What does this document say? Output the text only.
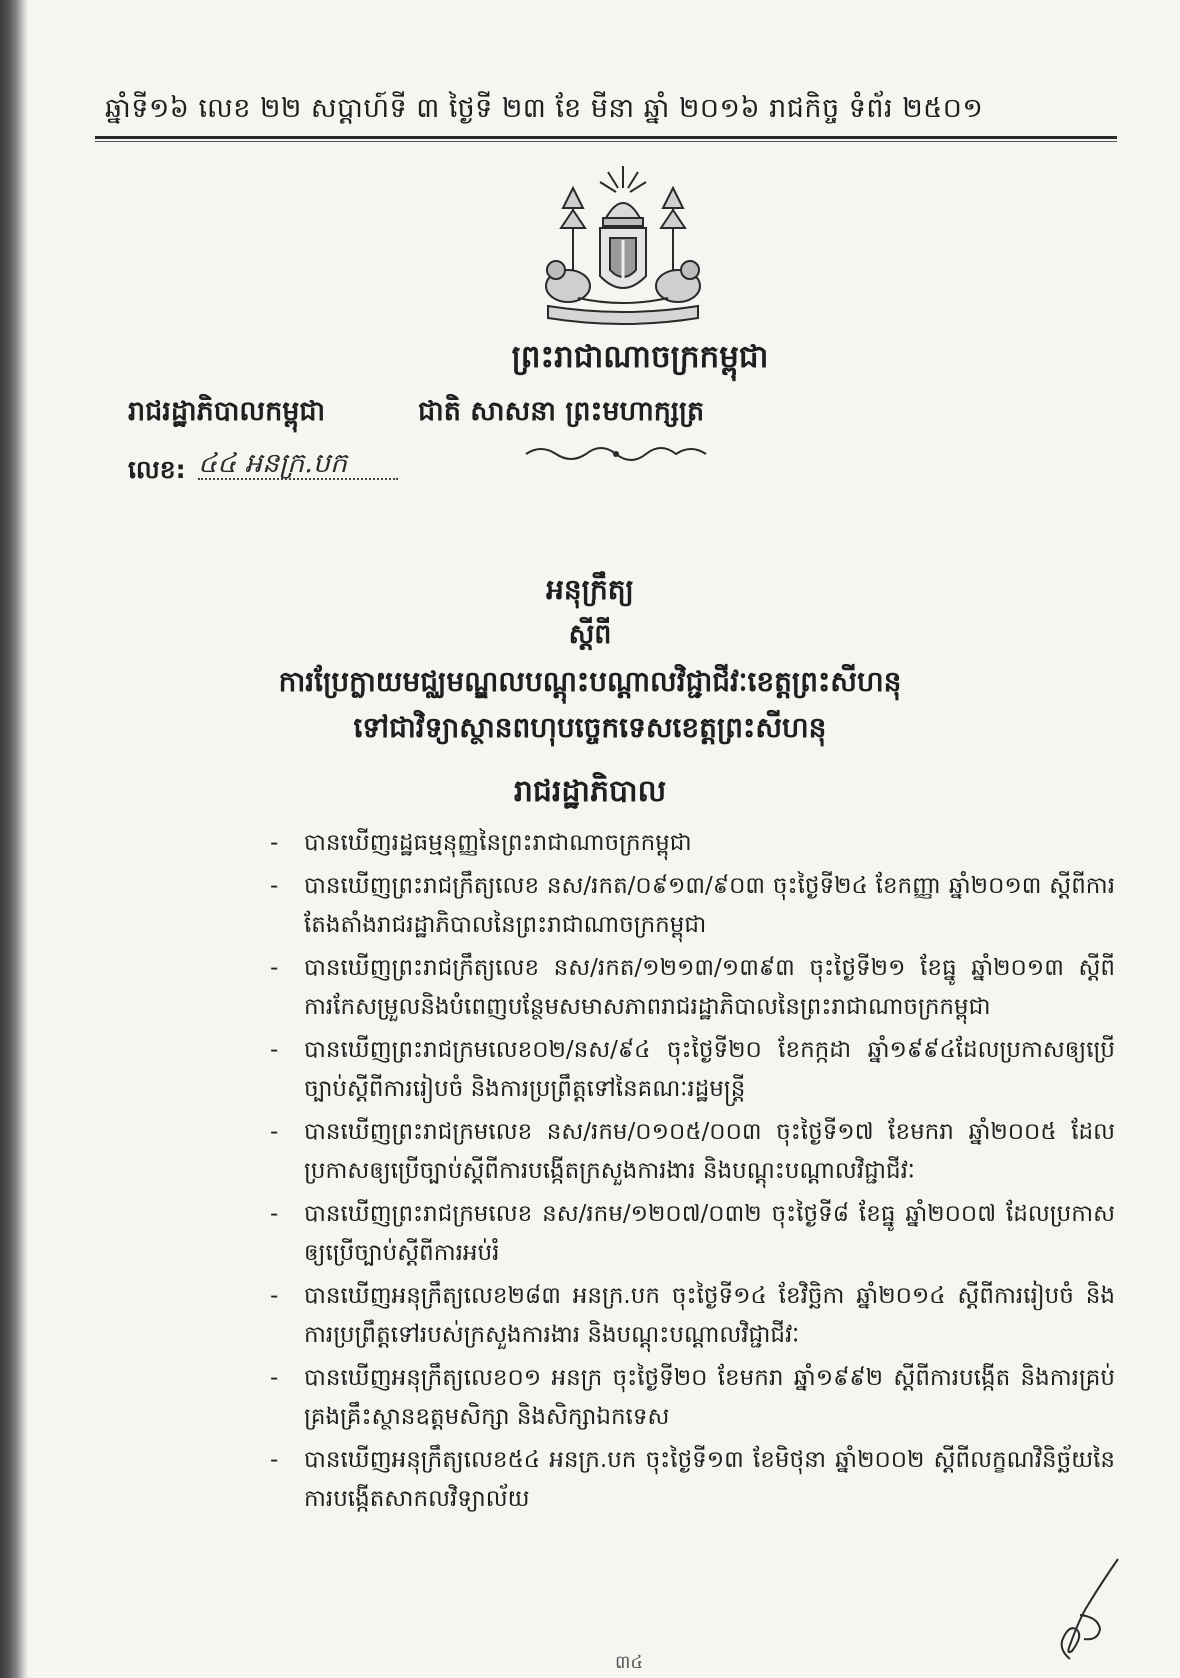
ឆ្នាំទី១៦ លេខ ២២ សប្តាហ៍ទី ៣ ថ្ងៃទី ២៣ ខែ មីនា ឆ្នាំ ២០១៦ រាជកិច្ច ទំព័រ ២៥០១
ព្រះរាជាណាចក្រកម្ពុជា
រាជរដ្ឋាភិបាលកម្ពុជា	ជាតិ សាសនា ព្រះមហាក្សត្រ
លេខ: ៤៤ អនក្រ.បក
អនុក្រឹត្យ
ស្តីពី
ការប្រែក្លាយមជ្ឈមណ្ឌលបណ្តុះបណ្តាលវិជ្ជាជីវៈខេត្តព្រះសីហនុ
ទៅជាវិទ្យាស្ថានពហុបច្ចេកទេសខេត្តព្រះសីហនុ
រាជរដ្ឋាភិបាល
- បានឃើញរដ្ឋធម្មនុញ្ញនៃព្រះរាជាណាចក្រកម្ពុជា
- បានឃើញព្រះរាជក្រឹត្យលេខ នស/រកត/០៩១៣/៩០៣ ចុះថ្ងៃទី២៤ ខែកញ្ញា ឆ្នាំ២០១៣ ស្តីពីការតែងតាំងរាជរដ្ឋាភិបាលនៃព្រះរាជាណាចក្រកម្ពុជា
- បានឃើញព្រះរាជក្រឹត្យលេខ នស/រកត/១២១៣/១៣៩៣ ចុះថ្ងៃទី២១ ខែធ្នូ ឆ្នាំ២០១៣ ស្តីពីការកែសម្រួលនិងបំពេញបន្ថែមសមាសភាពរាជរដ្ឋាភិបាលនៃព្រះរាជាណាចក្រកម្ពុជា
- បានឃើញព្រះរាជក្រមលេខ០២/នស/៩៤ ចុះថ្ងៃទី២០ ខែកក្កដា ឆ្នាំ១៩៩៤ដែលប្រកាសឲ្យប្រើច្បាប់ស្តីពីការរៀបចំ និងការប្រព្រឹត្តទៅនៃគណៈរដ្ឋមន្ត្រី
- បានឃើញព្រះរាជក្រមលេខ នស/រកម/០១០៥/០០៣ ចុះថ្ងៃទី១៧ ខែមករា ឆ្នាំ២០០៥ ដែលប្រកាសឲ្យប្រើច្បាប់ស្តីពីការបង្កើតក្រសួងការងារ និងបណ្តុះបណ្តាលវិជ្ជាជីវៈ
- បានឃើញព្រះរាជក្រមលេខ នស/រកម/១២០៧/០៣២ ចុះថ្ងៃទី៨ ខែធ្នូ ឆ្នាំ២០០៧ ដែលប្រកាសឲ្យប្រើច្បាប់ស្តីពីការអប់រំ
- បានឃើញអនុក្រឹត្យលេខ២៨៣ អនក្រ.បក ចុះថ្ងៃទី១៤ ខែវិច្ឆិកា ឆ្នាំ២០១៤ ស្តីពីការរៀបចំ និងការប្រព្រឹត្តទៅរបស់ក្រសួងការងារ និងបណ្តុះបណ្តាលវិជ្ជាជីវៈ
- បានឃើញអនុក្រឹត្យលេខ០១ អនក្រ ចុះថ្ងៃទី២០ ខែមករា ឆ្នាំ១៩៩២ ស្តីពីការបង្កើត និងការគ្រប់គ្រងគ្រឹះស្ថានឧត្តមសិក្សា និងសិក្សាឯកទេស
- បានឃើញអនុក្រឹត្យលេខ៥៤ អនក្រ.បក ចុះថ្ងៃទី១៣ ខែមិថុនា ឆ្នាំ២០០២ ស្តីពីលក្ខណវិនិច្ឆ័យនៃការបង្កើតសាកលវិទ្យាល័យ
៣៤
